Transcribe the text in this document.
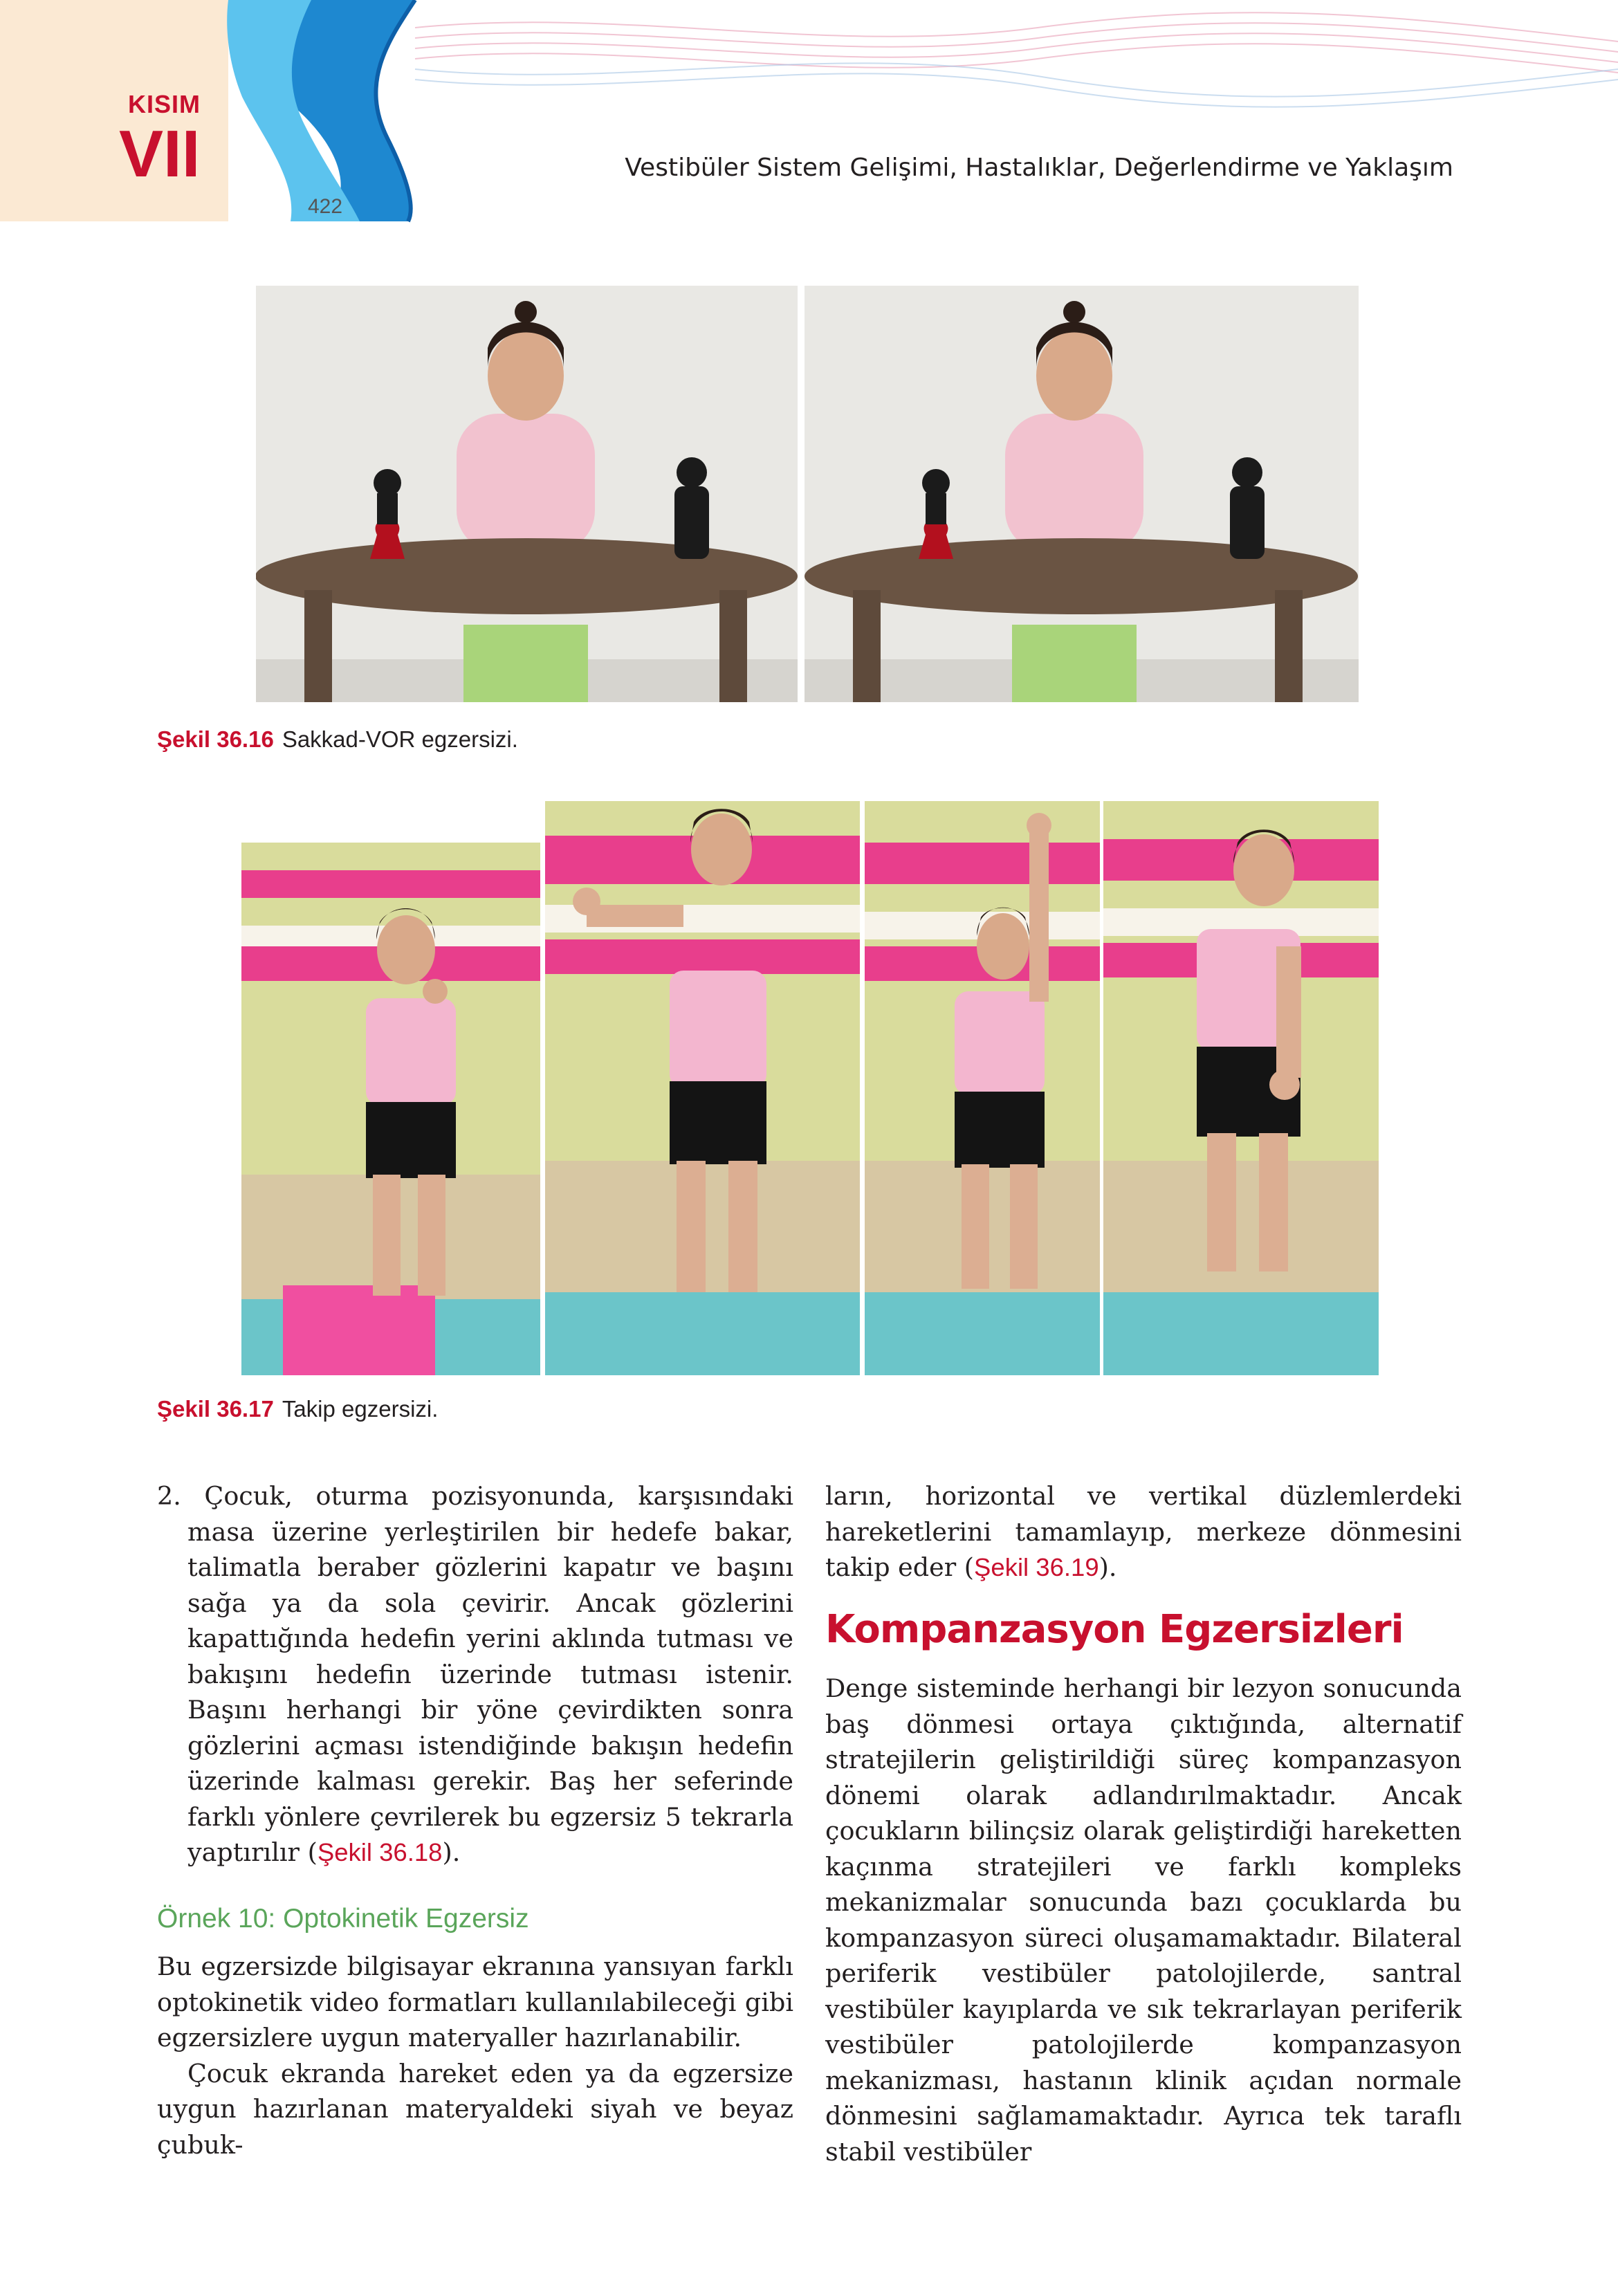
KISIM
VII
422
Vestibüler Sistem Gelişimi, Hastalıklar, Değerlendirme ve Yaklaşım
Şekil 36.16 Sakkad-VOR egzersizi.
Şekil 36.17 Takip egzersizi.

2. Çocuk, oturma pozisyonunda, karşısındaki masa üzerine yerleştirilen bir hedefe bakar, talimatla beraber gözlerini kapatır ve başını sağa ya da sola çevirir. Ancak gözlerini kapattığında hedefin yerini aklında tutması ve bakışını hedefin üzerinde tutması istenir. Başını herhangi bir yöne çevirdikten sonra gözlerini açması istendiğinde bakışın hedefin üzerinde kalması gerekir. Baş her seferinde farklı yönlere çevrilerek bu egzersiz 5 tekrarla yaptırılır (Şekil 36.18).

Örnek 10: Optokinetik Egzersiz

Bu egzersizde bilgisayar ekranına yansıyan farklı optokinetik video formatları kullanılabileceği gibi egzersizlere uygun materyaller hazırlanabilir.

Çocuk ekranda hareket eden ya da egzersize uygun hazırlanan materyaldeki siyah ve beyaz çubuk-

ların, horizontal ve vertikal düzlemlerdeki hareketlerini tamamlayıp, merkeze dönmesini takip eder (Şekil 36.19).

Kompanzasyon Egzersizleri

Denge sisteminde herhangi bir lezyon sonucunda baş dönmesi ortaya çıktığında, alternatif stratejilerin geliştirildiği süreç kompanzasyon dönemi olarak adlandırılmaktadır. Ancak çocukların bilinçsiz olarak geliştirdiği hareketten kaçınma stratejileri ve farklı kompleks mekanizmalar sonucunda bazı çocuklarda bu kompanzasyon süreci oluşamamaktadır. Bilateral periferik vestibüler patolojilerde, santral vestibüler kayıplarda ve sık tekrarlayan periferik vestibüler patolojilerde kompanzasyon mekanizması, hastanın klinik açıdan normale dönmesini sağlamamaktadır. Ayrıca tek taraflı stabil vestibüler
